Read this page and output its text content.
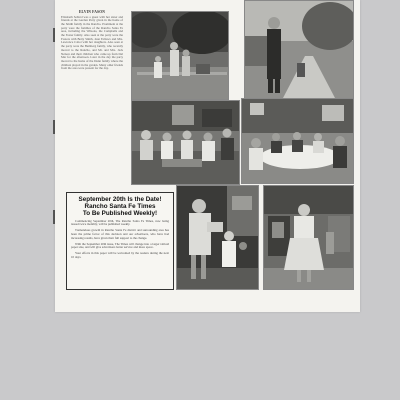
ELVIN FASON
Elizabeth Sellard was a guest with her sister and friends at the Garden Party given in the home of the Smith family in the Rancho. Prominent at the party were the families of the Rancho Santa Fe area, including the Wilsons, the Campbells and the Foster family. Also seen at the party were the Fosters with Betty Smith, Jean Fellows and Mrs. Lawrence Cabot with her daughters. Also seen at the party were the Bemberg family, who recently moved to the Rancho, and Mr. and Mrs. Jack Nelson and their children who came up from Del Mar for the afternoon. Later in the day the party moved to the home of the Dunn family where the children played in the garden. Many other friends from the area were present for the day.
September 20th Is the Date!
Rancho Santa Fe Times
To Be Published Weekly!
Commencing September 20th, The Rancho Santa Fe Times, now being issued twice monthly, will be published weekly.
Tremendous growth in Rancho Santa Fe district and surrounding area has been the prime factor of this decision and our advertisers, who have had increasing results, have given their full support to the change.
With the September 20th issue, The Times will change into a larger tabloid paper size, and will give advertisers better service and more space.
Your efforts in this paper will be welcomed by the readers during the next 10 days.
